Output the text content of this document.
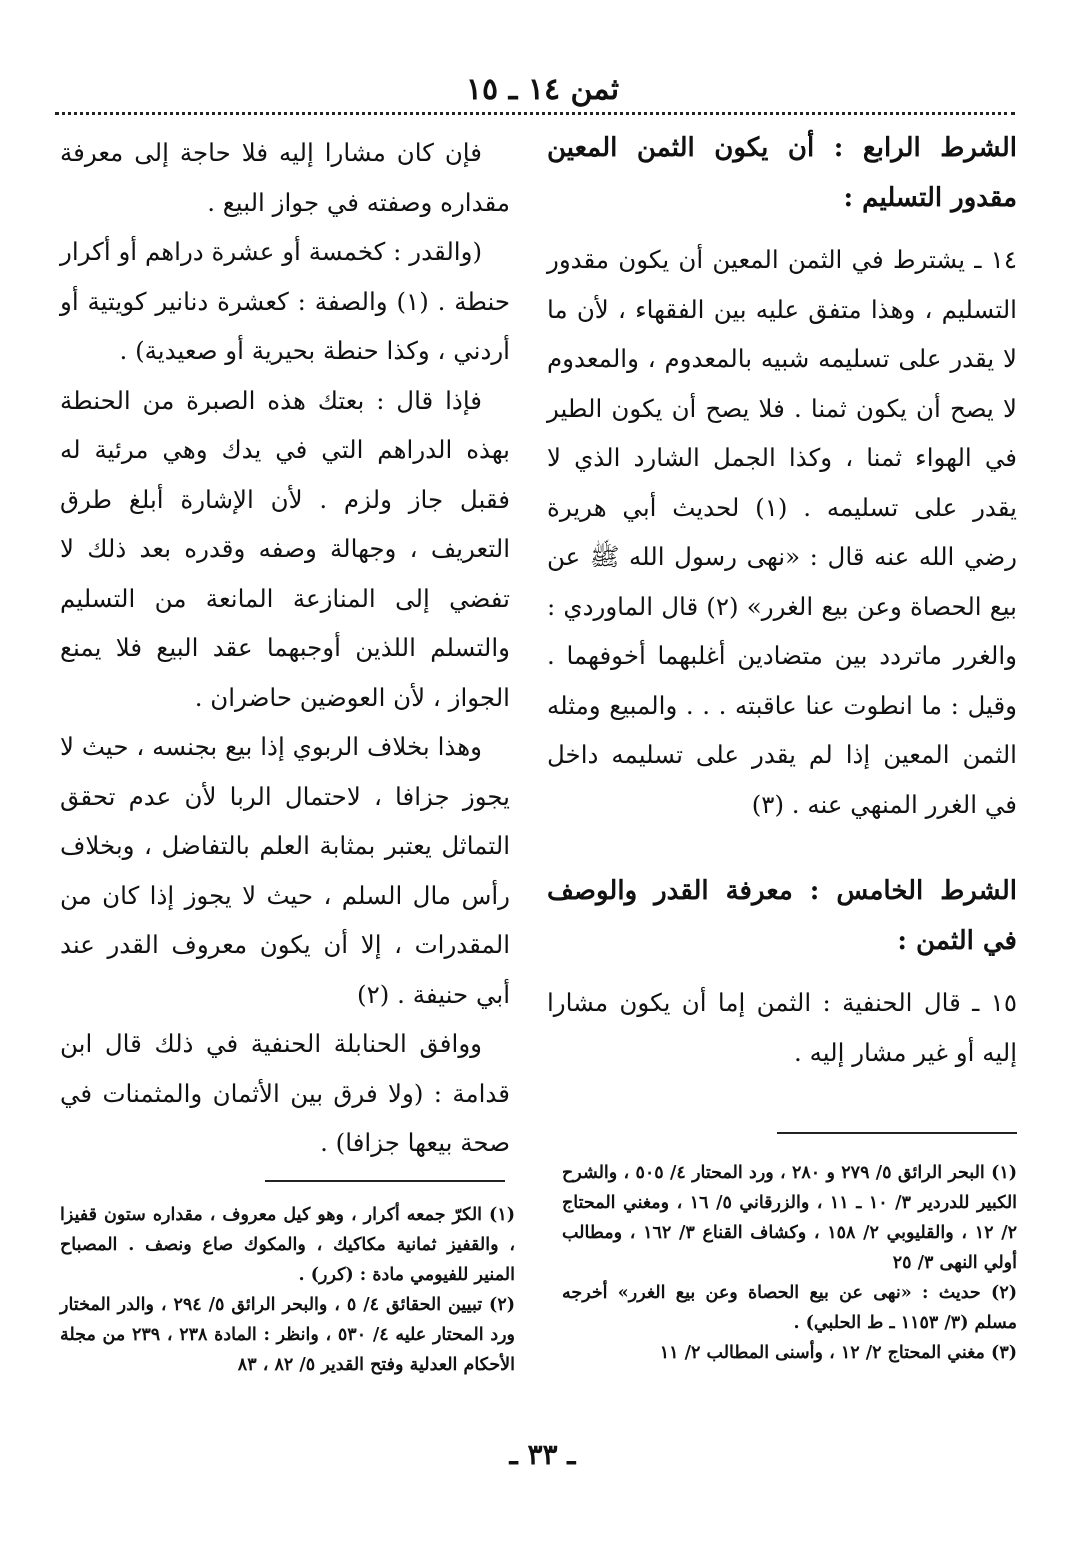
ثمن ١٤ ـ ١٥

الشرط الرابع : أن يكون الثمن المعين مقدور التسليم :

١٤ ـ يشترط في الثمن المعين أن يكون مقدور التسليم ، وهذا متفق عليه بين الفقهاء ، لأن ما لا يقدر على تسليمه شبيه بالمعدوم ، والمعدوم لا يصح أن يكون ثمنا . فلا يصح أن يكون الطير في الهواء ثمنا ، وكذا الجمل الشارد الذي لا يقدر على تسليمه . (١) لحديث أبي هريرة رضي الله عنه قال : «نهى رسول الله ﷺ عن بيع الحصاة وعن بيع الغرر» (٢) قال الماوردي : والغرر ماتردد بين متضادين أغلبهما أخوفهما . وقيل : ما انطوت عنا عاقبته . . . والمبيع ومثله الثمن المعين إذا لم يقدر على تسليمه داخل في الغرر المنهي عنه . (٣)

الشرط الخامس : معرفة القدر والوصف في الثمن :

١٥ ـ قال الحنفية : الثمن إما أن يكون مشارا إليه أو غير مشار إليه .

فإن كان مشارا إليه فلا حاجة إلى معرفة مقداره وصفته في جواز البيع .

(والقدر : كخمسة أو عشرة دراهم أو أكرار حنطة . (١) والصفة : كعشرة دنانير كويتية أو أردني ، وكذا حنطة بحيرية أو صعيدية) .

فإذا قال : بعتك هذه الصبرة من الحنطة بهذه الدراهم التي في يدك وهي مرئية له فقبل جاز ولزم . لأن الإشارة أبلغ طرق التعريف ، وجهالة وصفه وقدره بعد ذلك لا تفضي إلى المنازعة المانعة من التسليم والتسلم اللذين أوجبهما عقد البيع فلا يمنع الجواز ، لأن العوضين حاضران .

وهذا بخلاف الربوي إذا بيع بجنسه ، حيث لا يجوز جزافا ، لاحتمال الربا لأن عدم تحقق التماثل يعتبر بمثابة العلم بالتفاضل ، وبخلاف رأس مال السلم ، حيث لا يجوز إذا كان من المقدرات ، إلا أن يكون معروف القدر عند أبي حنيفة . (٢)

ووافق الحنابلة الحنفية في ذلك قال ابن قدامة : (ولا فرق بين الأثمان والمثمنات في صحة بيعها جزافا) .

(١) البحر الرائق ٥/ ٢٧٩ و ٢٨٠ ، ورد المحتار ٤/ ٥٠٥ ، والشرح الكبير للدردير ٣/ ١٠ ـ ١١ ، والزرقاني ٥/ ١٦ ، ومغني المحتاج ٢/ ١٢ ، والقليوبي ٢/ ١٥٨ ، وكشاف القناع ٣/ ١٦٢ ، ومطالب أولي النهى ٣/ ٢٥

(٢) حديث : «نهى عن بيع الحصاة وعن بيع الغرر» أخرجه مسلم (٣/ ١١٥٣ ـ ط الحلبي) .

(٣) مغني المحتاج ٢/ ١٢ ، وأسنى المطالب ٢/ ١١

(١) الكرّ جمعه أكرار ، وهو كيل معروف ، مقداره ستون قفيزا ، والقفيز ثمانية مكاكيك ، والمكوك صاع ونصف . المصباح المنير للفيومي مادة : (كرر) .

(٢) تبيين الحقائق ٤/ ٥ ، والبحر الرائق ٥/ ٢٩٤ ، والدر المختار ورد المحتار عليه ٤/ ٥٣٠ ، وانظر : المادة ٢٣٨ ، ٢٣٩ من مجلة الأحكام العدلية وفتح القدير ٥/ ٨٢ ، ٨٣

ـ ٣٣ ـ
